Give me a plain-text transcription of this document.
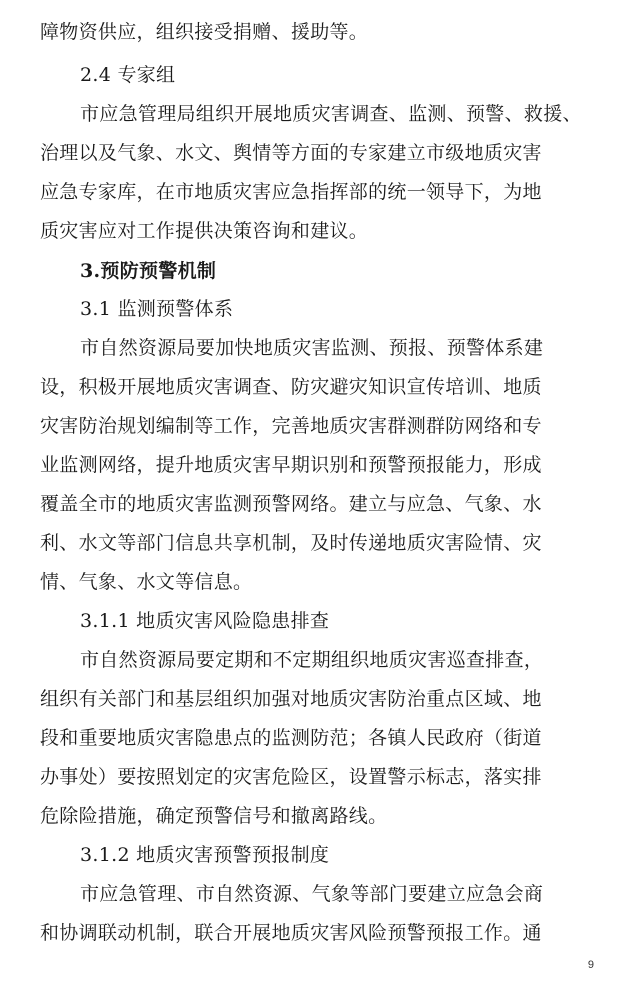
障物资供应，组织接受捐赠、援助等。
2.4 专家组
市应急管理局组织开展地质灾害调查、监测、预警、救援、
治理以及气象、水文、舆情等方面的专家建立市级地质灾害
应急专家库，在市地质灾害应急指挥部的统一领导下，为地
质灾害应对工作提供决策咨询和建议。
3.预防预警机制
3.1 监测预警体系
市自然资源局要加快地质灾害监测、预报、预警体系建
设，积极开展地质灾害调查、防灾避灾知识宣传培训、地质
灾害防治规划编制等工作，完善地质灾害群测群防网络和专
业监测网络，提升地质灾害早期识别和预警预报能力，形成
覆盖全市的地质灾害监测预警网络。建立与应急、气象、水
利、水文等部门信息共享机制，及时传递地质灾害险情、灾
情、气象、水文等信息。
3.1.1 地质灾害风险隐患排查
市自然资源局要定期和不定期组织地质灾害巡查排查，
组织有关部门和基层组织加强对地质灾害防治重点区域、地
段和重要地质灾害隐患点的监测防范；各镇人民政府（街道
办事处）要按照划定的灾害危险区，设置警示标志，落实排
危除险措施，确定预警信号和撤离路线。
3.1.2 地质灾害预警预报制度
市应急管理、市自然资源、气象等部门要建立应急会商
和协调联动机制，联合开展地质灾害风险预警预报工作。通
9
